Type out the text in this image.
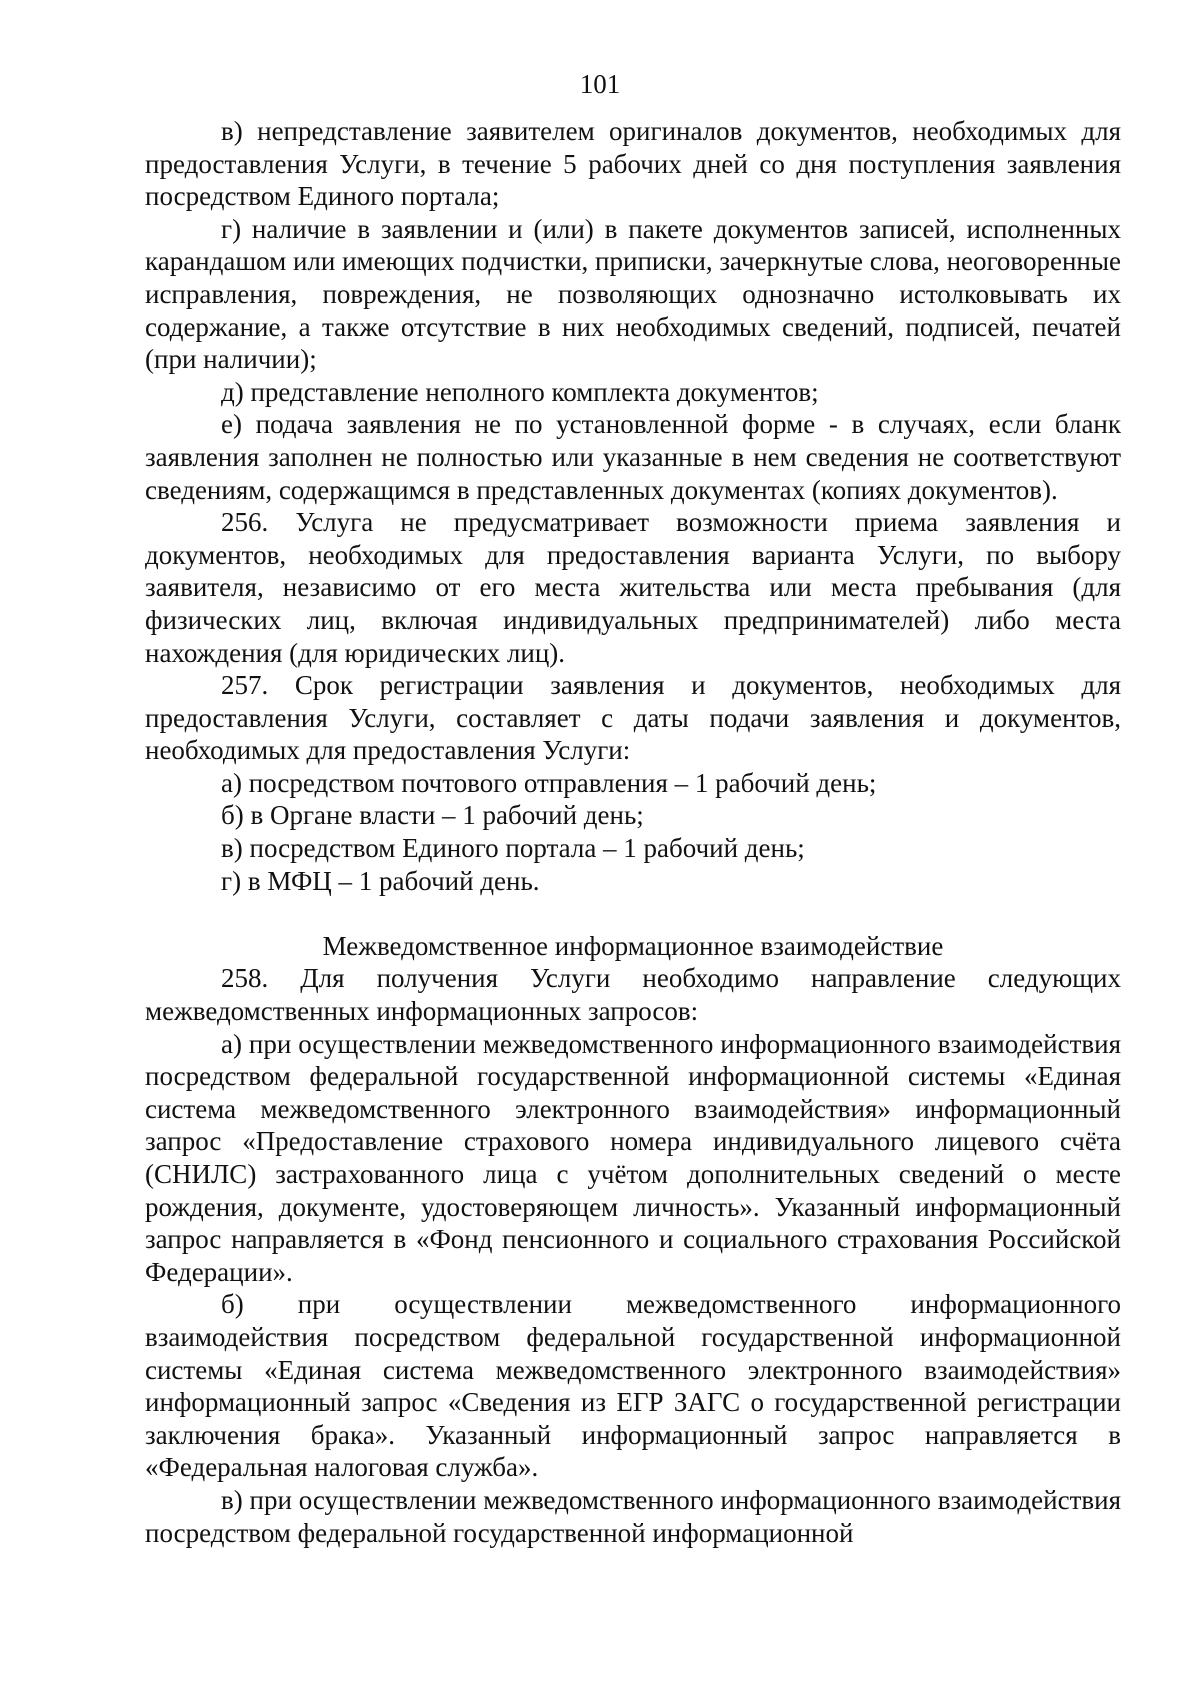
101

в) непредставление заявителем оригиналов документов, необходимых для предоставления Услуги, в течение 5 рабочих дней со дня поступления заявления посредством Единого портала;

г) наличие в заявлении и (или) в пакете документов записей, исполненных карандашом или имеющих подчистки, приписки, зачеркнутые слова, неоговоренные исправления, повреждения, не позволяющих однозначно истолковывать их содержание, а также отсутствие в них необходимых сведений, подписей, печатей (при наличии);

д) представление неполного комплекта документов;

е) подача заявления не по установленной форме - в случаях, если бланк заявления заполнен не полностью или указанные в нем сведения не соответствуют сведениям, содержащимся в представленных документах (копиях документов).

256. Услуга не предусматривает возможности приема заявления и документов, необходимых для предоставления варианта Услуги, по выбору заявителя, независимо от его места жительства или места пребывания (для физических лиц, включая индивидуальных предпринимателей) либо места нахождения (для юридических лиц).

257. Срок регистрации заявления и документов, необходимых для предоставления Услуги, составляет с даты подачи заявления и документов, необходимых для предоставления Услуги:

а) посредством почтового отправления – 1 рабочий день;

б) в Органе власти – 1 рабочий день;

в) посредством Единого портала – 1 рабочий день;

г) в МФЦ – 1 рабочий день.

Межведомственное информационное взаимодействие

258. Для получения Услуги необходимо направление следующих межведомственных информационных запросов:

а) при осуществлении межведомственного информационного взаимодействия посредством федеральной государственной информационной системы «Единая система межведомственного электронного взаимодействия» информационный запрос «Предоставление страхового номера индивидуального лицевого счёта (СНИЛС) застрахованного лица с учётом дополнительных сведений о месте рождения, документе, удостоверяющем личность». Указанный информационный запрос направляется в «Фонд пенсионного и социального страхования Российской Федерации».

б) при осуществлении межведомственного информационного взаимодействия посредством федеральной государственной информационной системы «Единая система межведомственного электронного взаимодействия» информационный запрос «Сведения из ЕГР ЗАГС о государственной регистрации заключения брака». Указанный информационный запрос направляется в «Федеральная налоговая служба».

в) при осуществлении межведомственного информационного взаимодействия посредством федеральной государственной информационной
